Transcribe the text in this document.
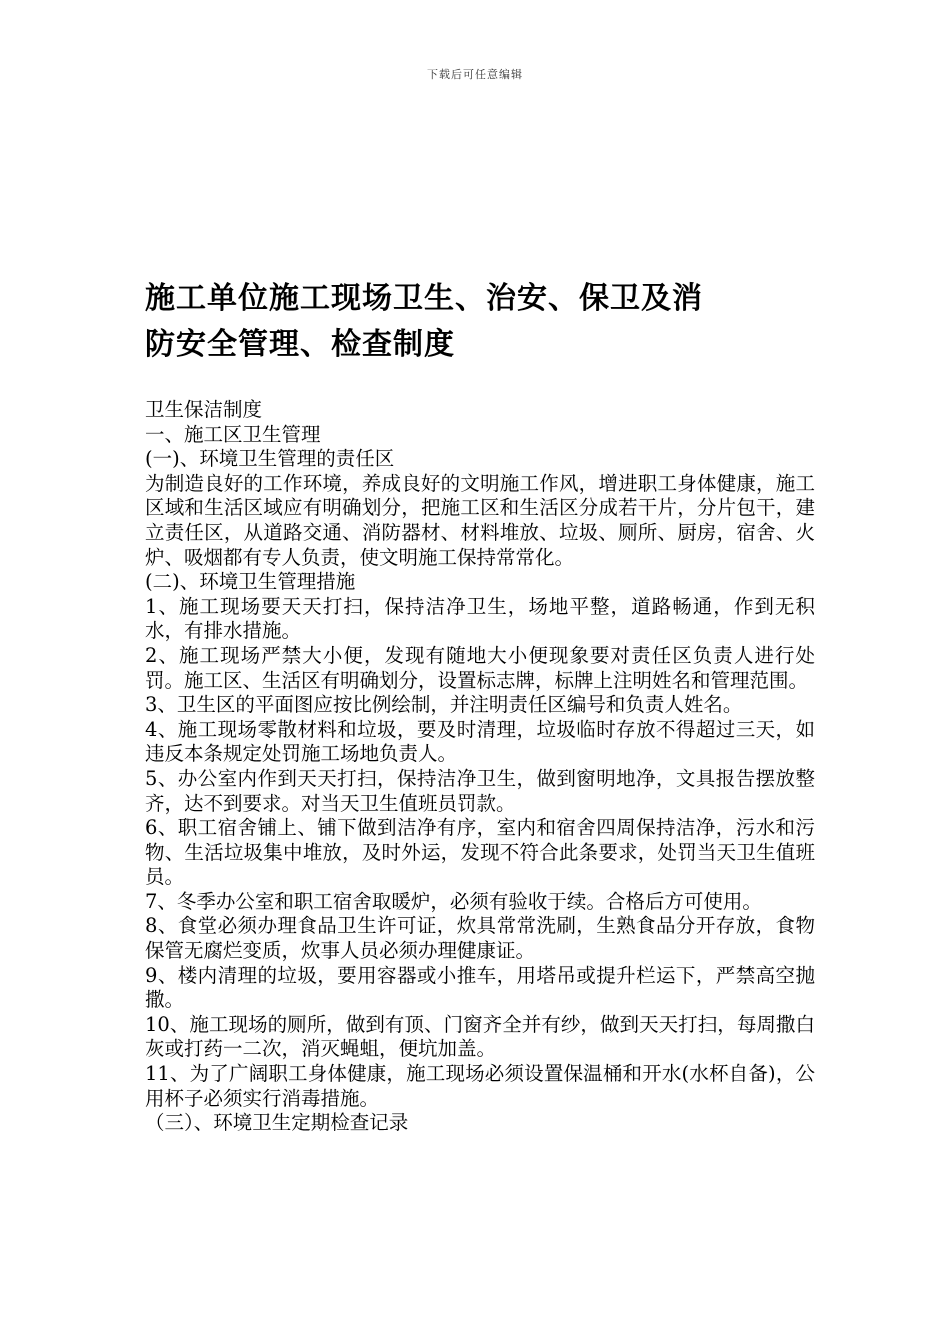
下载后可任意编辑
施工单位施工现场卫生、治安、保卫及消
防安全管理、检查制度

卫生保洁制度

一、施工区卫生管理

(一)、环境卫生管理的责任区

为制造良好的工作环境，养成良好的文明施工作风，增进职工身体健康，施工区域和生活区域应有明确划分，把施工区和生活区分成若干片，分片包干，建立责任区，从道路交通、消防器材、材料堆放、垃圾、厕所、厨房，宿舍、火炉、吸烟都有专人负责，使文明施工保持常常化。

(二)、环境卫生管理措施

1、施工现场要天天打扫，保持洁净卫生，场地平整，道路畅通，作到无积水，有排水措施。

2、施工现场严禁大小便，发现有随地大小便现象要对责任区负责人进行处罚。施工区、生活区有明确划分，设置标志牌，标牌上注明姓名和管理范围。

3、卫生区的平面图应按比例绘制，并注明责任区编号和负责人姓名。

4、施工现场零散材料和垃圾，要及时清理，垃圾临时存放不得超过三天，如违反本条规定处罚施工场地负责人。

5、办公室内作到天天打扫，保持洁净卫生，做到窗明地净，文具报告摆放整齐，达不到要求。对当天卫生值班员罚款。

6、职工宿舍铺上、铺下做到洁净有序，室内和宿舍四周保持洁净，污水和污物、生活垃圾集中堆放，及时外运，发现不符合此条要求，处罚当天卫生值班员。

7、冬季办公室和职工宿舍取暖炉，必须有验收于续。合格后方可使用。

8、食堂必须办理食品卫生许可证，炊具常常洗刷，生熟食品分开存放，食物保管无腐烂变质，炊事人员必须办理健康证。

9、楼内清理的垃圾，要用容器或小推车，用塔吊或提升栏运下，严禁高空抛撒。

10、施工现场的厕所，做到有顶、门窗齐全并有纱，做到天天打扫，每周撒白灰或打药一二次，消灭蝇蛆，便坑加盖。

11、为了广阔职工身体健康，施工现场必须设置保温桶和开水(水杯自备)，公用杯子必须实行消毒措施。

（三）、环境卫生定期检查记录
